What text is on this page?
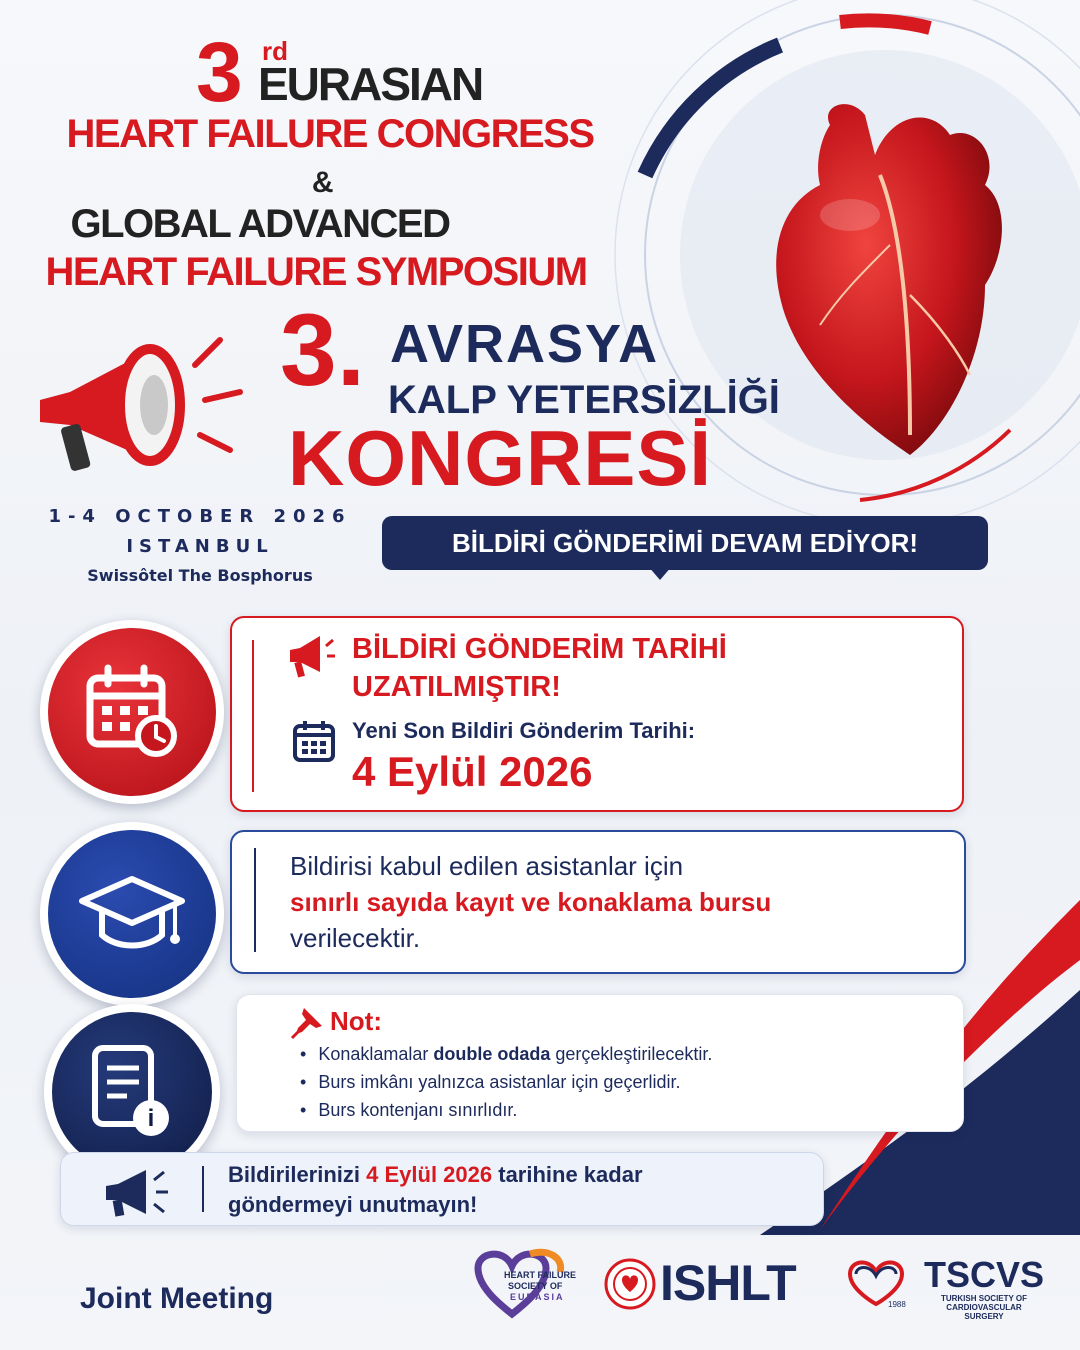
3 rd
EURASIAN
HEART FAILURE CONGRESS
&
GLOBAL ADVANCED
HEART FAILURE SYMPOSIUM
3. AVRASYA
KALP YETERSİZLİĞİ
KONGRESİ
1-4 OCTOBER 2026
ISTANBUL
Swissôtel The Bosphorus
BİLDİRİ GÖNDERİMİ DEVAM EDİYOR!
BİLDİRİ GÖNDERİM TARİHİ
UZATILMIŞTIR!
Yeni Son Bildiri Gönderim Tarihi:
4 Eylül 2026
Bildirisi kabul edilen asistanlar için
sınırlı sayıda kayıt ve konaklama bursu
verilecektir.
i
Not:
• Konaklamalar double odada gerçekleştirilecektir.
• Burs imkânı yalnızca asistanlar için geçerlidir.
• Burs kontenjanı sınırlıdır.
Bildirilerinizi 4 Eylül 2026 tarihine kadar
göndermeyi unutmayın!
Joint Meeting
HEART FAILURE
SOCIETY OF
EURASIA ISHLT	1988
TSCVS
TURKISH SOCIETY OF
CARDIOVASCULAR SURGERY
